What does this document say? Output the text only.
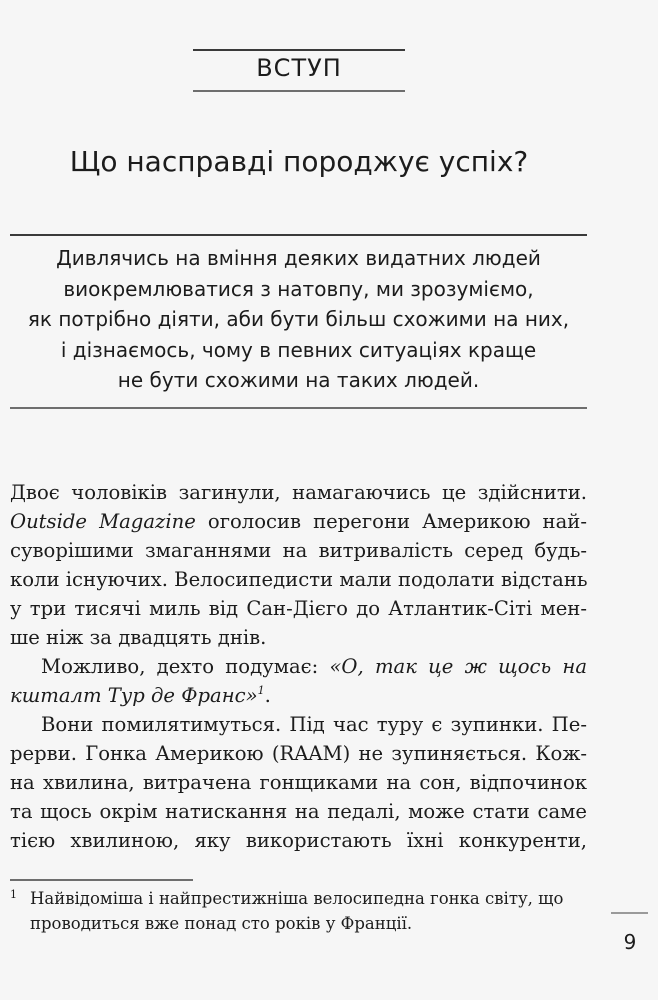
ВСТУП
Що насправді породжує успіх?
Дивлячись на вміння деяких видатних людей
виокремлюватися з натовпу, ми зрозуміємо,
як потрібно діяти, аби бути більш схожими на них,
і дізнаємось, чому в певних ситуаціях краще
не бути схожими на таких людей.
Двоє чоловіків загинули, намагаючись це здійснити.
Outside Magazine оголосив перегони Америкою най-
суворішими змаганнями на витривалість серед будь-
коли існуючих. Велосипедисти мали подолати відстань
у три тисячі миль від Сан-Дієго до Атлантик-Сіті мен-
ше ніж за двадцять днів.
Можливо, дехто подумає: «О, так це ж щось на
кшталт Тур де Франс»$^1$.
Вони помилятимуться. Під час туру є зупинки. Пе-
рерви. Гонка Америкою (RAAM) не зупиняється. Кож-
на хвилина, витрачена гонщиками на сон, відпочинок
та щось окрім натискання на педалі, може стати саме
тією хвилиною, яку використають їхні конкуренти,
1 Найвідоміша і найпрестижніша велосипедна гонка світу, що
проводиться вже понад сто років у Франції.
9
